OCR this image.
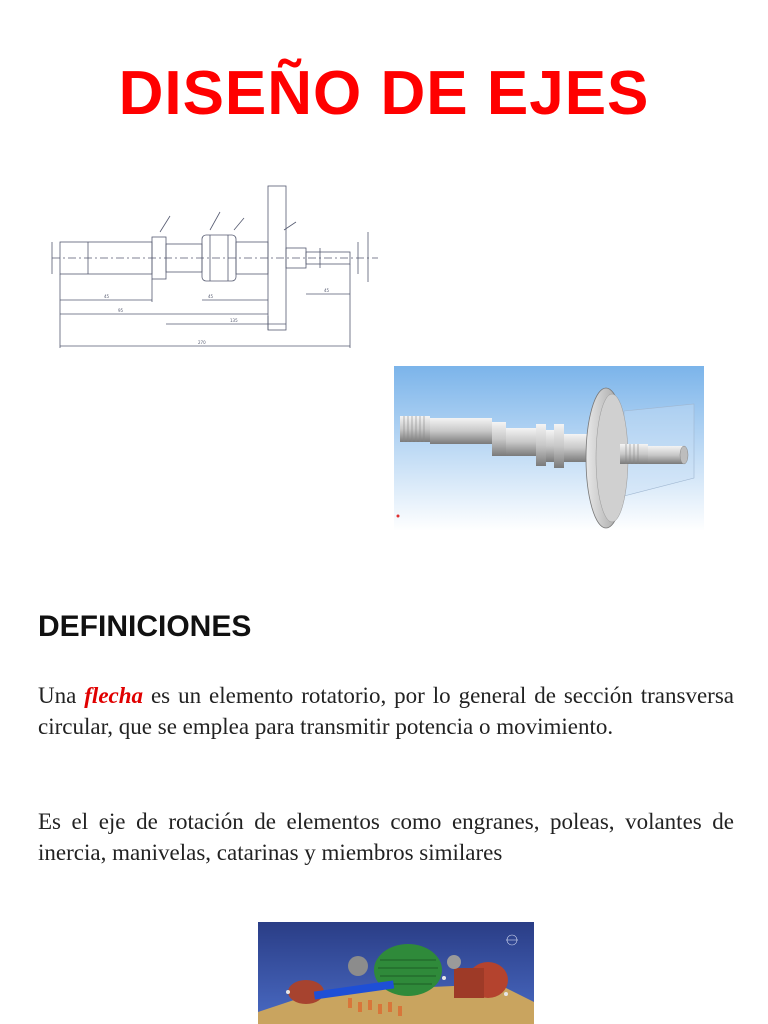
DISEÑO DE EJES
45
95
45
135
270
45
DEFINICIONES

Una flecha es un elemento rotatorio, por lo general de sección transversa circular, que se emplea para transmitir potencia o movimiento.

Es el eje de rotación de elementos como engranes, poleas, volantes de inercia, manivelas, catarinas y miembros similares
